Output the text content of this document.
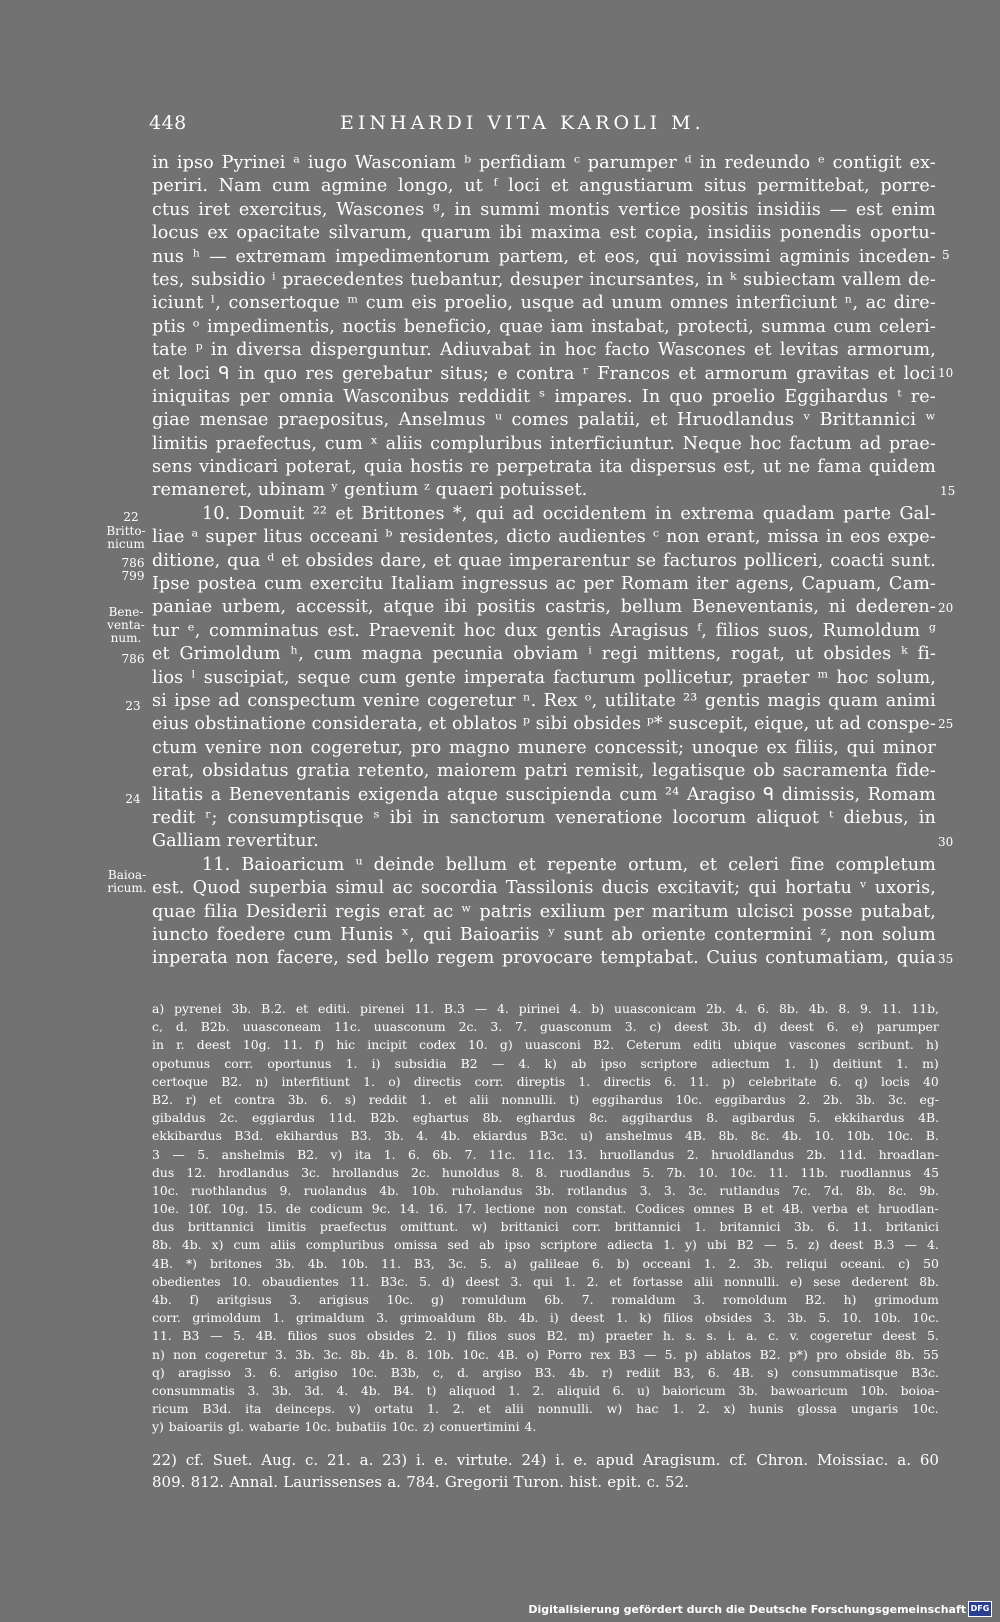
448	EINHARDI VITA KAROLI M.
in ipso Pyrinei ᵃ iugo Wasconiam ᵇ perfidiam ᶜ parumper ᵈ in redeundo ᵉ contigit ex-
periri. Nam cum agmine longo, ut ᶠ loci et angustiarum situs permittebat, porre-
ctus iret exercitus, Wascones ᵍ, in summi montis vertice positis insidiis — est enim
locus ex opacitate silvarum, quarum ibi maxima est copia, insidiis ponendis oportu-
nus ʰ — extremam impedimentorum partem, et eos, qui novissimi agminis inceden-
tes, subsidio ⁱ praecedentes tuebantur, desuper incursantes, in ᵏ subiectam vallem de-
iciunt ˡ, consertoque ᵐ cum eis proelio, usque ad unum omnes interficiunt ⁿ, ac dire-
ptis ᵒ impedimentis, noctis beneficio, quae iam instabat, protecti, summa cum celeri-
tate ᵖ in diversa disperguntur. Adiuvabat in hoc facto Wascones et levitas armorum,
et loci ᑫ in quo res gerebatur situs; e contra ʳ Francos et armorum gravitas et loci
iniquitas per omnia Wasconibus reddidit ˢ impares. In quo proelio Eggihardus ᵗ re-
giae mensae praepositus, Anselmus ᵘ comes palatii, et Hruodlandus ᵛ Brittannici ʷ
limitis praefectus, cum ˣ aliis compluribus interficiuntur. Neque hoc factum ad prae-
sens vindicari poterat, quia hostis re perpetrata ita dispersus est, ut ne fama quidem
remaneret, ubinam ʸ gentium ᶻ quaeri potuisset.
10. Domuit ²² et Brittones *, qui ad occidentem in extrema quadam parte Gal-
liae ᵃ super litus occeani ᵇ residentes, dicto audientes ᶜ non erant, missa in eos expe-
ditione, qua ᵈ et obsides dare, et quae imperarentur se facturos polliceri, coacti sunt.
Ipse postea cum exercitu Italiam ingressus ac per Romam iter agens, Capuam, Cam-
paniae urbem, accessit, atque ibi positis castris, bellum Beneventanis, ni dederen-
tur ᵉ, comminatus est. Praevenit hoc dux gentis Aragisus ᶠ, filios suos, Rumoldum ᵍ
et Grimoldum ʰ, cum magna pecunia obviam ⁱ regi mittens, rogat, ut obsides ᵏ fi-
lios ˡ suscipiat, seque cum gente imperata facturum pollicetur, praeter ᵐ hoc solum,
si ipse ad conspectum venire cogeretur ⁿ. Rex ᵒ, utilitate ²³ gentis magis quam animi
eius obstinatione considerata, et oblatos ᵖ sibi obsides ᵖ* suscepit, eique, ut ad conspe-
ctum venire non cogeretur, pro magno munere concessit; unoque ex filiis, qui minor
erat, obsidatus gratia retento, maiorem patri remisit, legatisque ob sacramenta fide-
litatis a Beneventanis exigenda atque suscipienda cum ²⁴ Aragiso ᑫ dimissis, Romam
redit ʳ; consumptisque ˢ ibi in sanctorum veneratione locorum aliquot ᵗ diebus, in
Galliam revertitur.
11. Baioaricum ᵘ deinde bellum et repente ortum, et celeri fine completum
est. Quod superbia simul ac socordia Tassilonis ducis excitavit; qui hortatu ᵛ uxoris,
quae filia Desiderii regis erat ac ʷ patris exilium per maritum ulcisci posse putabat,
iuncto foedere cum Hunis ˣ, qui Baioariis ʸ sunt ab oriente contermini ᶻ, non solum
inperata non facere, sed bello regem provocare temptabat. Cuius contumatiam, quia
5
10
15
20
25
30
35
22
Britto-
nicum
786
799
Bene-
venta-
num.
786
23
24
Baioa-
ricum.
a) pyrenei 3b. B.2. et editi. pirenei 11. B.3 — 4. pirinei 4. b) uuasconicam 2b. 4. 6. 8b. 4b. 8. 9. 11. 11b,
c, d. B2b. uuasconeam 11c. uuasconum 2c. 3. 7. guasconum 3. c) deest 3b. d) deest 6. e) parumper
in r. deest 10g. 11. f) hic incipit codex 10. g) uuasconi B2. Ceterum editi ubique vascones scribunt. h)
opotunus corr. oportunus 1. i) subsidia B2 — 4. k) ab ipso scriptore adiectum 1. l) deitiunt 1. m)
certoque B2. n) interfitiunt 1. o) directis corr. direptis 1. directis 6. 11. p) celebritate 6. q) locis 40
B2. r) et contra 3b. 6. s) reddit 1. et alii nonnulli. t) eggihardus 10c. eggibardus 2. 2b. 3b. 3c. eg-
gibaldus 2c. eggiardus 11d. B2b. eghartus 8b. eghardus 8c. aggihardus 8. agibardus 5. ekkihardus 4B.
ekkibardus B3d. ekihardus B3. 3b. 4. 4b. ekiardus B3c. u) anshelmus 4B. 8b. 8c. 4b. 10. 10b. 10c. B.
3 — 5. anshelmis B2. v) ita 1. 6. 6b. 7. 11c. 11c. 13. hruollandus 2. hruoldlandus 2b. 11d. hroadlan-
dus 12. hrodlandus 3c. hrollandus 2c. hunoldus 8. 8. ruodlandus 5. 7b. 10. 10c. 11. 11b. ruodlannus 45
10c. ruothlandus 9. ruolandus 4b. 10b. ruholandus 3b. rotlandus 3. 3. 3c. rutlandus 7c. 7d. 8b. 8c. 9b.
10e. 10f. 10g. 15. de codicum 9c. 14. 16. 17. lectione non constat. Codices omnes B et 4B. verba et hruodlan-
dus brittannici limitis praefectus omittunt. w) brittanici corr. brittannici 1. britannici 3b. 6. 11. britanici
8b. 4b. x) cum aliis compluribus omissa sed ab ipso scriptore adiecta 1. y) ubi B2 — 5. z) deest B.3 — 4.
4B. *) britones 3b. 4b. 10b. 11. B3, 3c. 5. a) galileae 6. b) occeani 1. 2. 3b. reliqui oceani. c) 50
obedientes 10. obaudientes 11. B3c. 5. d) deest 3. qui 1. 2. et fortasse alii nonnulli. e) sese dederent 8b.
4b. f) aritgisus 3. arigisus 10c. g) romuldum 6b. 7. romaldum 3. romoldum B2. h) grimodum
corr. grimoldum 1. grimaldum 3. grimoaldum 8b. 4b. i) deest 1. k) filios obsides 3. 3b. 5. 10. 10b. 10c.
11. B3 — 5. 4B. filios suos obsides 2. l) filios suos B2. m) praeter h. s. s. i. a. c. v. cogeretur deest 5.
n) non cogeretur 3. 3b. 3c. 8b. 4b. 8. 10b. 10c. 4B. o) Porro rex B3 — 5. p) ablatos B2. p*) pro obside 8b. 55
q) aragisso 3. 6. arigiso 10c. B3b, c, d. argiso B3. 4b. r) rediit B3, 6. 4B. s) consummatisque B3c.
consummatis 3. 3b. 3d. 4. 4b. B4. t) aliquod 1. 2. aliquid 6. u) baioricum 3b. bawoaricum 10b. boioa-
ricum B3d. ita deinceps. v) ortatu 1. 2. et alii nonnulli. w) hac 1. 2. x) hunis glossa ungaris 10c.
y) baioariis gl. wabarie 10c. bubatiis 10c. z) conuertimini 4.
22) cf. Suet. Aug. c. 21. a. 23) i. e. virtute. 24) i. e. apud Aragisum. cf. Chron. Moissiac. a. 60
809. 812. Annal. Laurissenses a. 784. Gregorii Turon. hist. epit. c. 52.
Digitalisierung gefördert durch die Deutsche Forschungsgemeinschaft DFG
